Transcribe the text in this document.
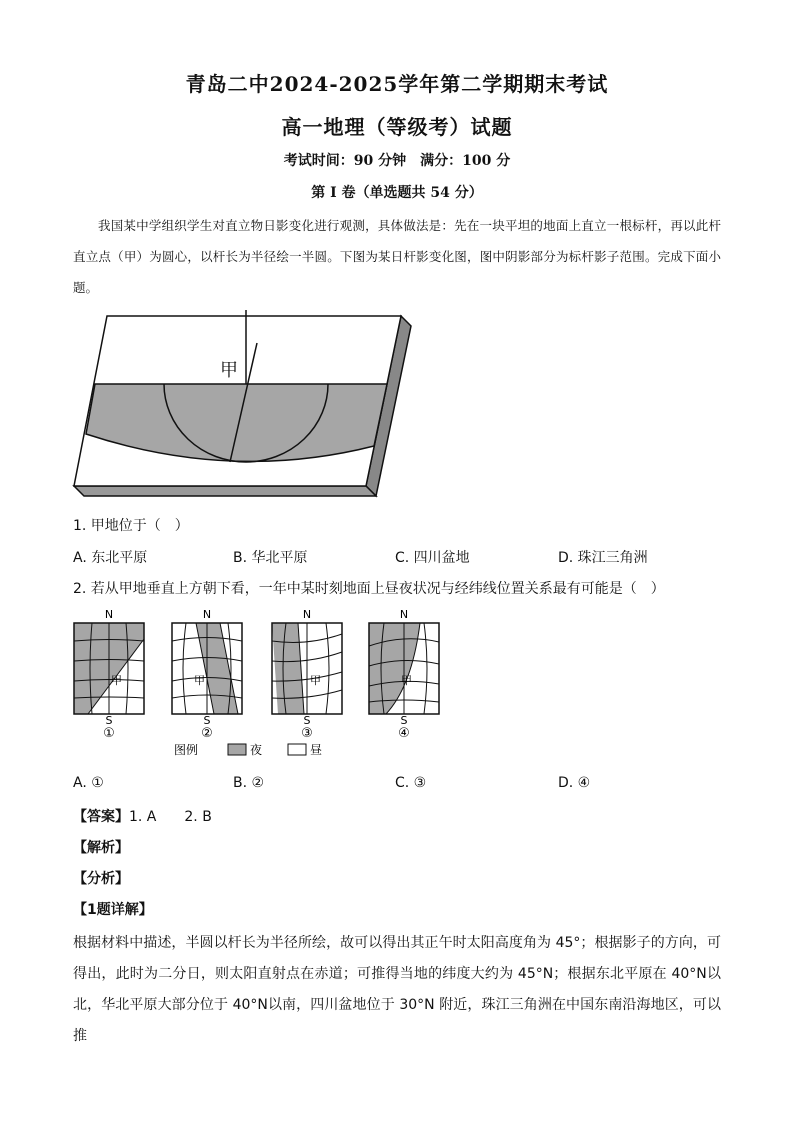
青岛二中2024-2025学年第二学期期末考试
高一地理（等级考）试题
考试时间：90 分钟　满分：100 分
第 I 卷（单选题共 54 分）
我国某中学组织学生对直立物日影变化进行观测，具体做法是：先在一块平坦的地面上直立一根标杆，再以此杆直立点（甲）为圆心，以杆长为半径绘一半圆。下图为某日杆影变化图，图中阴影部分为标杆影子范围。完成下面小题。
甲
1. 甲地位于（　）
A. 东北平原	B. 华北平原	C. 四川盆地	D. 珠江三角洲
2. 若从甲地垂直上方朝下看，一年中某时刻地面上昼夜状况与经纬线位置关系最有可能是（　）
N
甲
S
①
N
甲
S
②
N
甲
S
③
N
甲
S
④
图例	夜	昼
A. ①	B. ②	C. ③	D. ④
【答案】1. A　　2. B
【解析】
【分析】
【1题详解】
根据材料中描述，半圆以杆长为半径所绘，故可以得出其正午时太阳高度角为 45°；根据影子的方向，可得出，此时为二分日，则太阳直射点在赤道；可推得当地的纬度大约为 45°N；根据东北平原在 40°N以北，华北平原大部分位于 40°N以南，四川盆地位于 30°N 附近，珠江三角洲在中国东南沿海地区，可以推
